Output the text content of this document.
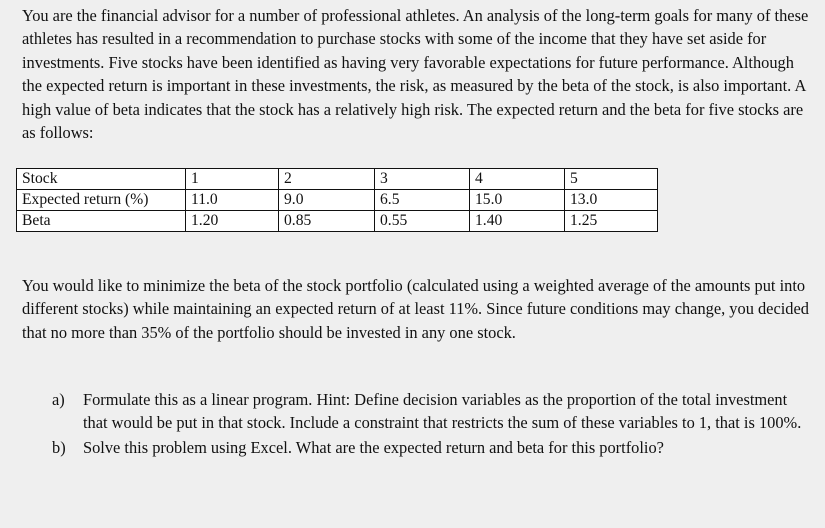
You are the financial advisor for a number of professional athletes. An analysis of the long-term goals for many of these athletes has resulted in a recommendation to purchase stocks with some of the income that they have set aside for investments. Five stocks have been identified as having very favorable expectations for future performance. Although the expected return is important in these investments, the risk, as measured by the beta of the stock, is also important. A high value of beta indicates that the stock has a relatively high risk. The expected return and the beta for five stocks are as follows:

Stock	1	2	3	4	5
Expected return (%)	11.0	9.0	6.5	15.0	13.0
Beta	1.20	0.85	0.55	1.40	1.25

You would like to minimize the beta of the stock portfolio (calculated using a weighted average of the amounts put into different stocks) while maintaining an expected return of at least 11%. Since future conditions may change, you decided that no more than 35% of the portfolio should be invested in any one stock.

a) Formulate this as a linear program. Hint: Define decision variables as the proportion of the total investment that would be put in that stock. Include a constraint that restricts the sum of these variables to 1, that is 100%.
b) Solve this problem using Excel. What are the expected return and beta for this portfolio?
